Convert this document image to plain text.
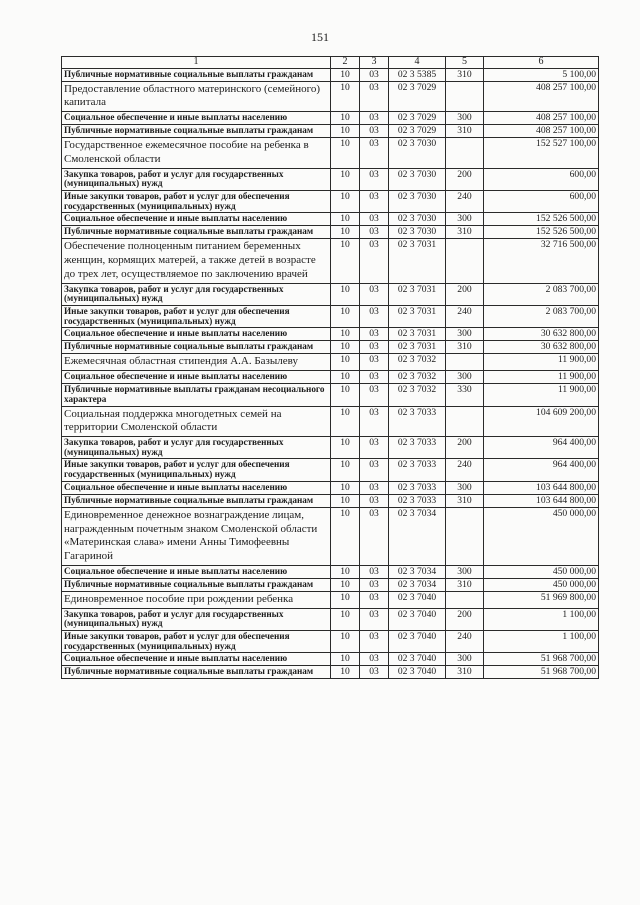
151
1	2	3	4	5	6
Публичные нормативные социальные выплаты гражданам	10	03	02 3 5385	310	5 100,00
Предоставление областного материнского (семейного) капитала	10	03	02 3 7029		408 257 100,00
Социальное обеспечение и иные выплаты населению	10	03	02 3 7029	300	408 257 100,00
Публичные нормативные социальные выплаты гражданам	10	03	02 3 7029	310	408 257 100,00
Государственное ежемесячное пособие на ребенка в Смоленской области	10	03	02 3 7030		152 527 100,00
Закупка товаров, работ и услуг для государственных (муниципальных) нужд	10	03	02 3 7030	200	600,00
Иные закупки товаров, работ и услуг для обеспечения государственных (муниципальных) нужд	10	03	02 3 7030	240	600,00
Социальное обеспечение и иные выплаты населению	10	03	02 3 7030	300	152 526 500,00
Публичные нормативные социальные выплаты гражданам	10	03	02 3 7030	310	152 526 500,00
Обеспечение полноценным питанием беременных женщин, кормящих матерей, а также детей в возрасте до трех лет, осуществляемое по заключению врачей	10	03	02 3 7031		32 716 500,00
Закупка товаров, работ и услуг для государственных (муниципальных) нужд	10	03	02 3 7031	200	2 083 700,00
Иные закупки товаров, работ и услуг для обеспечения государственных (муниципальных) нужд	10	03	02 3 7031	240	2 083 700,00
Социальное обеспечение и иные выплаты населению	10	03	02 3 7031	300	30 632 800,00
Публичные нормативные социальные выплаты гражданам	10	03	02 3 7031	310	30 632 800,00
Ежемесячная областная стипендия А.А. Базылеву	10	03	02 3 7032		11 900,00
Социальное обеспечение и иные выплаты населению	10	03	02 3 7032	300	11 900,00
Публичные нормативные выплаты гражданам несоциального характера	10	03	02 3 7032	330	11 900,00
Социальная поддержка многодетных семей на территории Смоленской области	10	03	02 3 7033		104 609 200,00
Закупка товаров, работ и услуг для государственных (муниципальных) нужд	10	03	02 3 7033	200	964 400,00
Иные закупки товаров, работ и услуг для обеспечения государственных (муниципальных) нужд	10	03	02 3 7033	240	964 400,00
Социальное обеспечение и иные выплаты населению	10	03	02 3 7033	300	103 644 800,00
Публичные нормативные социальные выплаты гражданам	10	03	02 3 7033	310	103 644 800,00
Единовременное денежное вознаграждение лицам, награжденным почетным знаком Смоленской области «Материнская слава» имени Анны Тимофеевны Гагариной	10	03	02 3 7034		450 000,00
Социальное обеспечение и иные выплаты населению	10	03	02 3 7034	300	450 000,00
Публичные нормативные социальные выплаты гражданам	10	03	02 3 7034	310	450 000,00
Единовременное пособие при рождении ребенка	10	03	02 3 7040		51 969 800,00
Закупка товаров, работ и услуг для государственных (муниципальных) нужд	10	03	02 3 7040	200	1 100,00
Иные закупки товаров, работ и услуг для обеспечения государственных (муниципальных) нужд	10	03	02 3 7040	240	1 100,00
Социальное обеспечение и иные выплаты населению	10	03	02 3 7040	300	51 968 700,00
Публичные нормативные социальные выплаты гражданам	10	03	02 3 7040	310	51 968 700,00
